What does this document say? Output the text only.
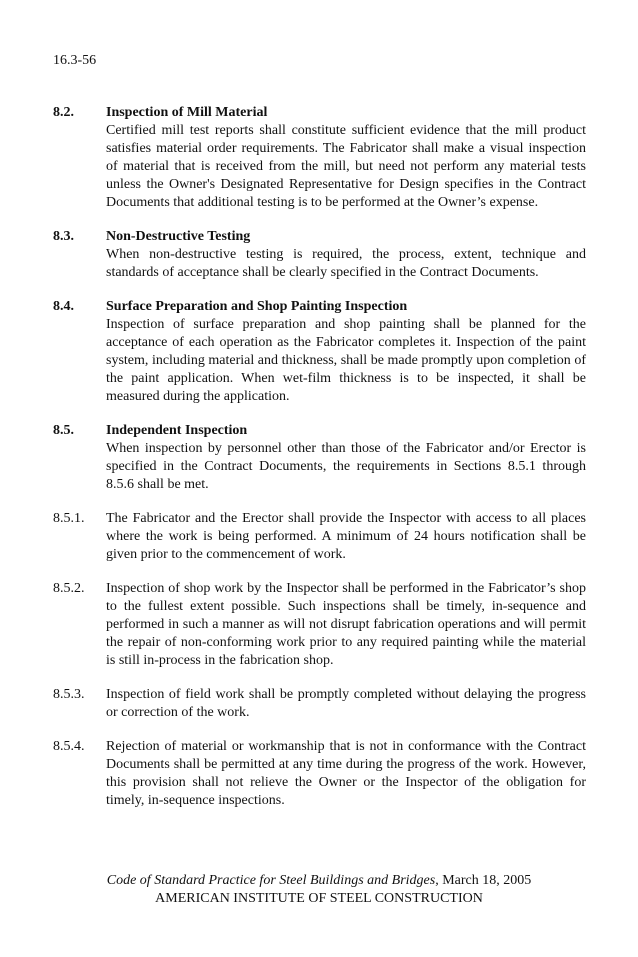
16.3-56
8.2.	Inspection of Mill Material
Certified mill test reports shall constitute sufficient evidence that the mill product satisfies material order requirements. The Fabricator shall make a visual inspection of material that is received from the mill, but need not perform any material tests unless the Owner's Designated Representative for Design specifies in the Contract Documents that additional testing is to be performed at the Owner’s expense.
8.3.	Non-Destructive Testing
When non-destructive testing is required, the process, extent, technique and standards of acceptance shall be clearly specified in the Contract Documents.
8.4.	Surface Preparation and Shop Painting Inspection
Inspection of surface preparation and shop painting shall be planned for the acceptance of each operation as the Fabricator completes it. Inspection of the paint system, including material and thickness, shall be made promptly upon completion of the paint application. When wet-film thickness is to be inspected, it shall be measured during the application.
8.5.	Independent Inspection
When inspection by personnel other than those of the Fabricator and/or Erector is specified in the Contract Documents, the requirements in Sections 8.5.1 through 8.5.6 shall be met.
8.5.1.	The Fabricator and the Erector shall provide the Inspector with access to all places where the work is being performed. A minimum of 24 hours notification shall be given prior to the commencement of work.
8.5.2.	Inspection of shop work by the Inspector shall be performed in the Fabricator’s shop to the fullest extent possible. Such inspections shall be timely, in-sequence and performed in such a manner as will not disrupt fabrication operations and will permit the repair of non-conforming work prior to any required painting while the material is still in-process in the fabrication shop.
8.5.3.	Inspection of field work shall be promptly completed without delaying the progress or correction of the work.
8.5.4.	Rejection of material or workmanship that is not in conformance with the Contract Documents shall be permitted at any time during the progress of the work. However, this provision shall not relieve the Owner or the Inspector of the obligation for timely, in-sequence inspections.
Code of Standard Practice for Steel Buildings and Bridges, March 18, 2005
AMERICAN INSTITUTE OF STEEL CONSTRUCTION
